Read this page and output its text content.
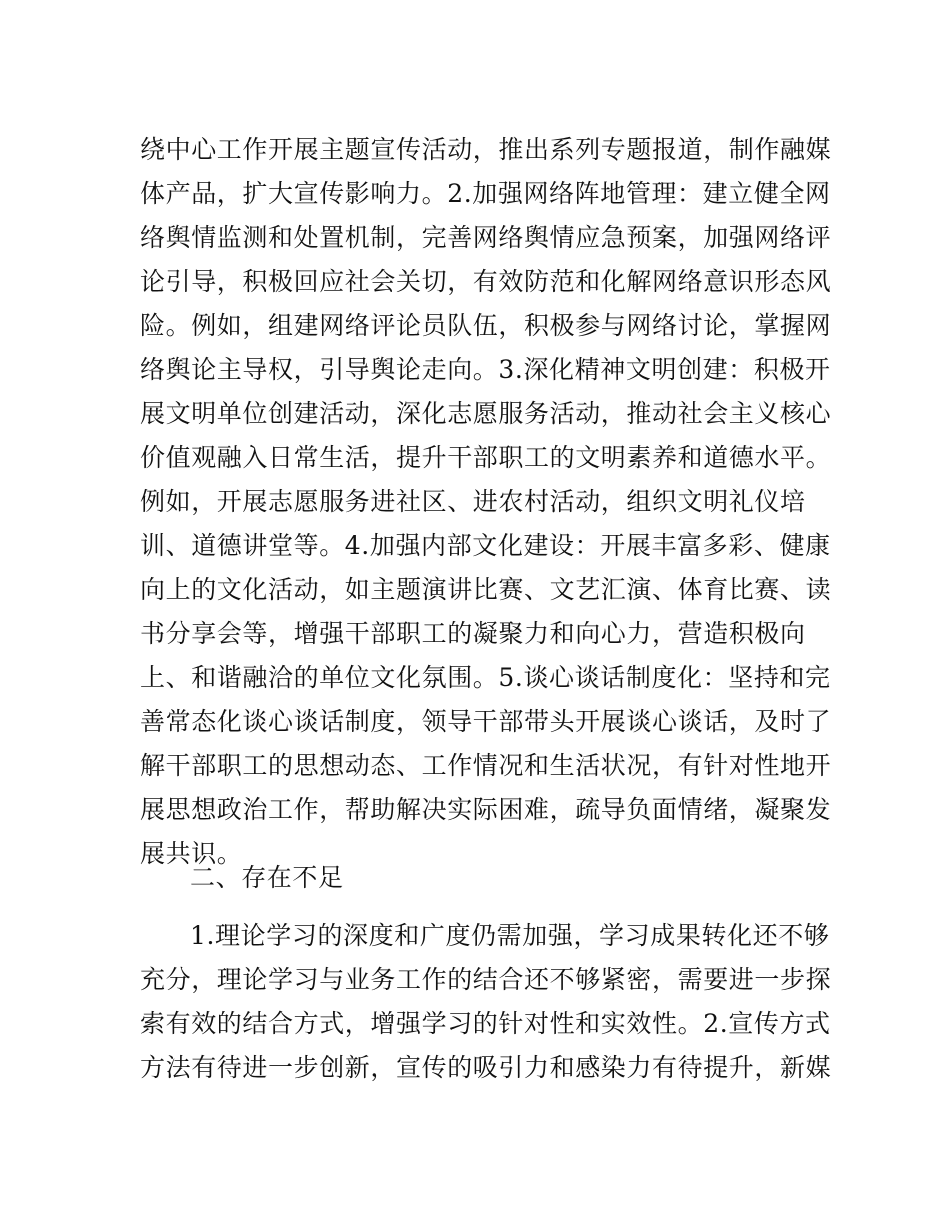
绕中心工作开展主题宣传活动，推出系列专题报道，制作融媒
体产品，扩大宣传影响力。2.加强网络阵地管理：建立健全网
络舆情监测和处置机制，完善网络舆情应急预案，加强网络评
论引导，积极回应社会关切，有效防范和化解网络意识形态风
险。例如，组建网络评论员队伍，积极参与网络讨论，掌握网
络舆论主导权，引导舆论走向。3.深化精神文明创建：积极开
展文明单位创建活动，深化志愿服务活动，推动社会主义核心
价值观融入日常生活，提升干部职工的文明素养和道德水平。
例如，开展志愿服务进社区、进农村活动，组织文明礼仪培
训、道德讲堂等。4.加强内部文化建设：开展丰富多彩、健康
向上的文化活动，如主题演讲比赛、文艺汇演、体育比赛、读
书分享会等，增强干部职工的凝聚力和向心力，营造积极向
上、和谐融洽的单位文化氛围。5.谈心谈话制度化：坚持和完
善常态化谈心谈话制度，领导干部带头开展谈心谈话，及时了
解干部职工的思想动态、工作情况和生活状况，有针对性地开
展思想政治工作，帮助解决实际困难，疏导负面情绪，凝聚发
展共识。
二、存在不足
1.理论学习的深度和广度仍需加强，学习成果转化还不够
充分，理论学习与业务工作的结合还不够紧密，需要进一步探
索有效的结合方式，增强学习的针对性和实效性。2.宣传方式
方法有待进一步创新，宣传的吸引力和感染力有待提升，新媒
